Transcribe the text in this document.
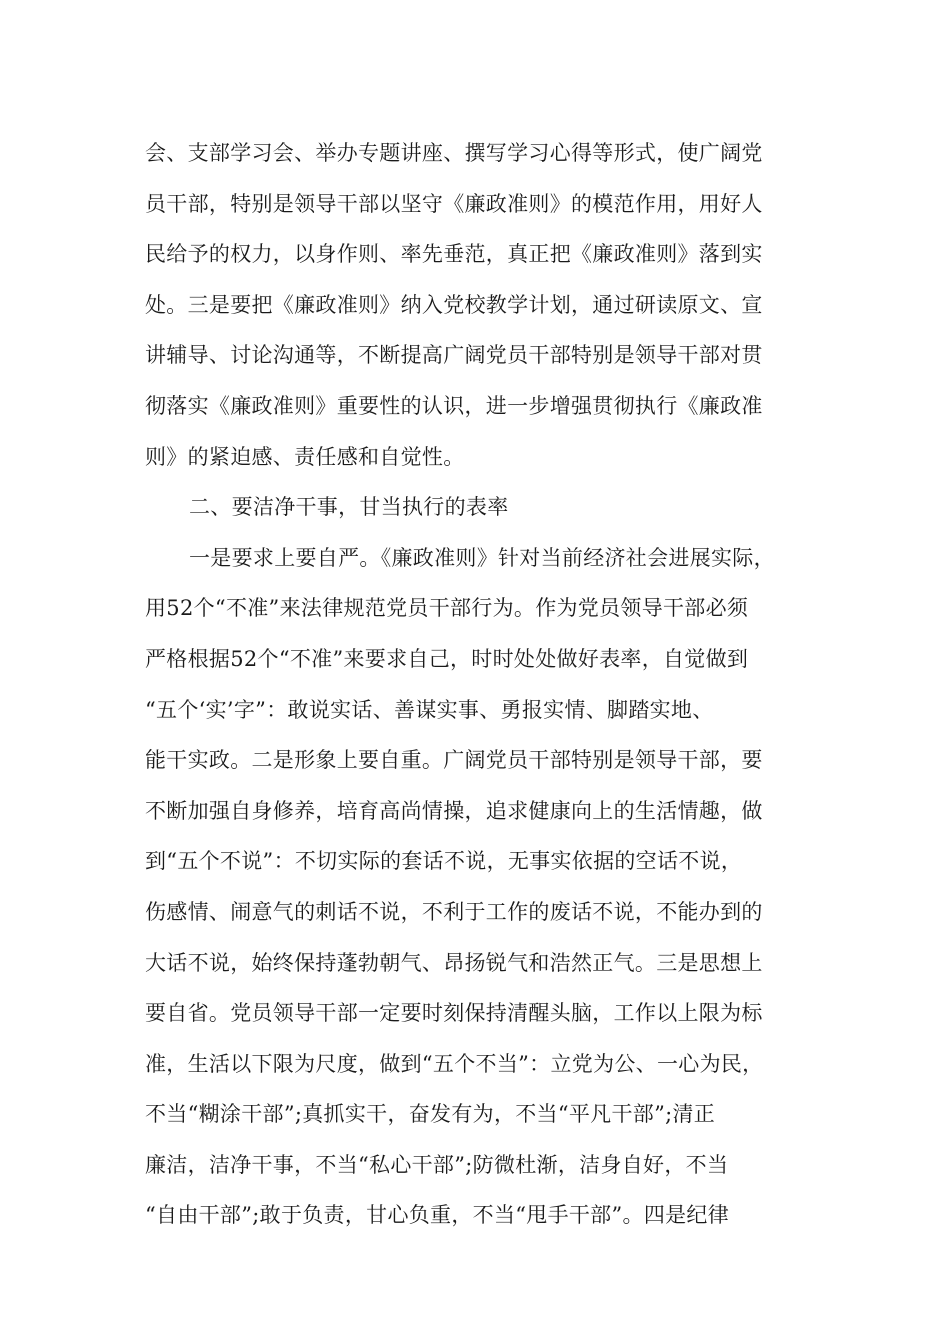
会、支部学习会、举办专题讲座、撰写学习心得等形式，使广阔党
员干部，特别是领导干部以坚守《廉政准则》的模范作用，用好人
民给予的权力，以身作则、率先垂范，真正把《廉政准则》落到实
处。三是要把《廉政准则》纳入党校教学计划，通过研读原文、宣
讲辅导、讨论沟通等，不断提高广阔党员干部特别是领导干部对贯
彻落实《廉政准则》重要性的认识，进一步增强贯彻执行《廉政准
则》的紧迫感、责任感和自觉性。
二、要洁净干事，甘当执行的表率
一是要求上要自严。《廉政准则》针对当前经济社会进展实际，
用52个“不准”来法律规范党员干部行为。作为党员领导干部必须
严格根据52个“不准”来要求自己，时时处处做好表率，自觉做到
“五个‘实’字”：敢说实话、善谋实事、勇报实情、脚踏实地、
能干实政。二是形象上要自重。广阔党员干部特别是领导干部，要
不断加强自身修养，培育高尚情操，追求健康向上的生活情趣，做
到“五个不说”：不切实际的套话不说，无事实依据的空话不说，
伤感情、闹意气的刺话不说，不利于工作的废话不说，不能办到的
大话不说，始终保持蓬勃朝气、昂扬锐气和浩然正气。三是思想上
要自省。党员领导干部一定要时刻保持清醒头脑，工作以上限为标
准，生活以下限为尺度，做到“五个不当”：立党为公、一心为民，
不当“糊涂干部”;真抓实干，奋发有为，不当“平凡干部”;清正
廉洁，洁净干事，不当“私心干部”;防微杜渐，洁身自好，不当
“自由干部”;敢于负责，甘心负重，不当“甩手干部”。四是纪律
